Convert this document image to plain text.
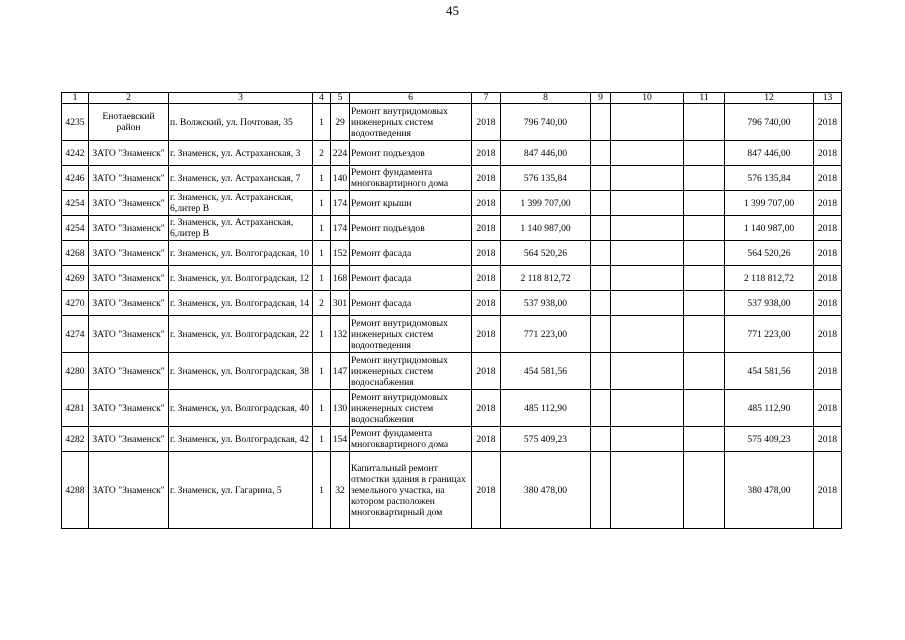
45
1	2	3	4	5	6	7	8	9	10	11	12	13
4235	Енотаевский район	п. Волжский, ул. Почтовая, 35	1	29	Ремонт внутридомовых инженерных систем водоотведения	2018	796 740,00				796 740,00	2018
4242	ЗАТО "Знаменск"	г. Знаменск, ул. Астраханская, 3	2	224	Ремонт подъездов	2018	847 446,00				847 446,00	2018
4246	ЗАТО "Знаменск"	г. Знаменск, ул. Астраханская, 7	1	140	Ремонт фундамента многоквартирного дома	2018	576 135,84				576 135,84	2018
4254	ЗАТО "Знаменск"	г. Знаменск, ул. Астраханская, 6,литер В	1	174	Ремонт крыши	2018	1 399 707,00				1 399 707,00	2018
4254	ЗАТО "Знаменск"	г. Знаменск, ул. Астраханская, 6,литер В	1	174	Ремонт подъездов	2018	1 140 987,00				1 140 987,00	2018
4268	ЗАТО "Знаменск"	г. Знаменск, ул. Волгоградская, 10	1	152	Ремонт фасада	2018	564 520,26				564 520,26	2018
4269	ЗАТО "Знаменск"	г. Знаменск, ул. Волгоградская, 12	1	168	Ремонт фасада	2018	2 118 812,72				2 118 812,72	2018
4270	ЗАТО "Знаменск"	г. Знаменск, ул. Волгоградская, 14	2	301	Ремонт фасада	2018	537 938,00				537 938,00	2018
4274	ЗАТО "Знаменск"	г. Знаменск, ул. Волгоградская, 22	1	132	Ремонт внутридомовых инженерных систем водоотведения	2018	771 223,00				771 223,00	2018
4280	ЗАТО "Знаменск"	г. Знаменск, ул. Волгоградская, 38	1	147	Ремонт внутридомовых инженерных систем водоснабжения	2018	454 581,56				454 581,56	2018
4281	ЗАТО "Знаменск"	г. Знаменск, ул. Волгоградская, 40	1	130	Ремонт внутридомовых инженерных систем водоснабжения	2018	485 112,90				485 112,90	2018
4282	ЗАТО "Знаменск"	г. Знаменск, ул. Волгоградская, 42	1	154	Ремонт фундамента многоквартирного дома	2018	575 409,23				575 409,23	2018
4288	ЗАТО "Знаменск"	г. Знаменск, ул. Гагарина, 5	1	32	Капитальный ремонт отмостки здания в границах земельного участка, на котором расположен многоквартирный дом	2018	380 478,00				380 478,00	2018
